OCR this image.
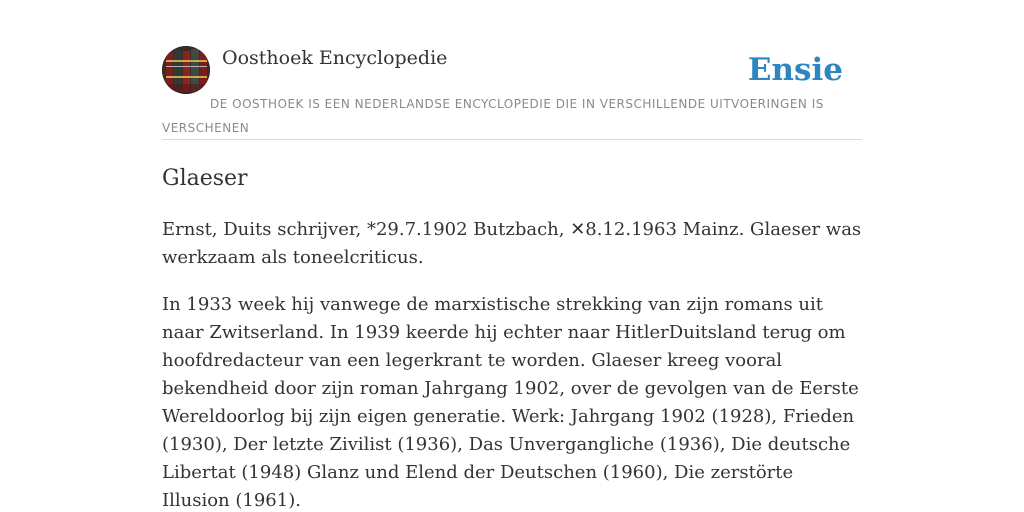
Oosthoek Encyclopedie	Ensie
DE OOSTHOEK IS EEN NEDERLANDSE ENCYCLOPEDIE DIE IN VERSCHILLENDE UITVOERINGEN IS VERSCHENEN
Glaeser

Ernst, Duits schrijver, *29.7.1902 Butzbach, ✕8.12.1963 Mainz. Glaeser was werkzaam als toneelcriticus.

In 1933 week hij vanwege de marxistische strekking van zijn romans uit naar Zwitserland. In 1939 keerde hij echter naar HitlerDuitsland terug om hoofdredacteur van een legerkrant te worden. Glaeser kreeg vooral bekendheid door zijn roman Jahrgang 1902, over de gevolgen van de Eerste Wereldoorlog bij zijn eigen generatie. Werk: Jahrgang 1902 (1928), Frieden (1930), Der letzte Zivilist (1936), Das Unvergangliche (1936), Die deutsche Libertat (1948) Glanz und Elend der Deutschen (1960), Die zerstörte Illusion (1961).
